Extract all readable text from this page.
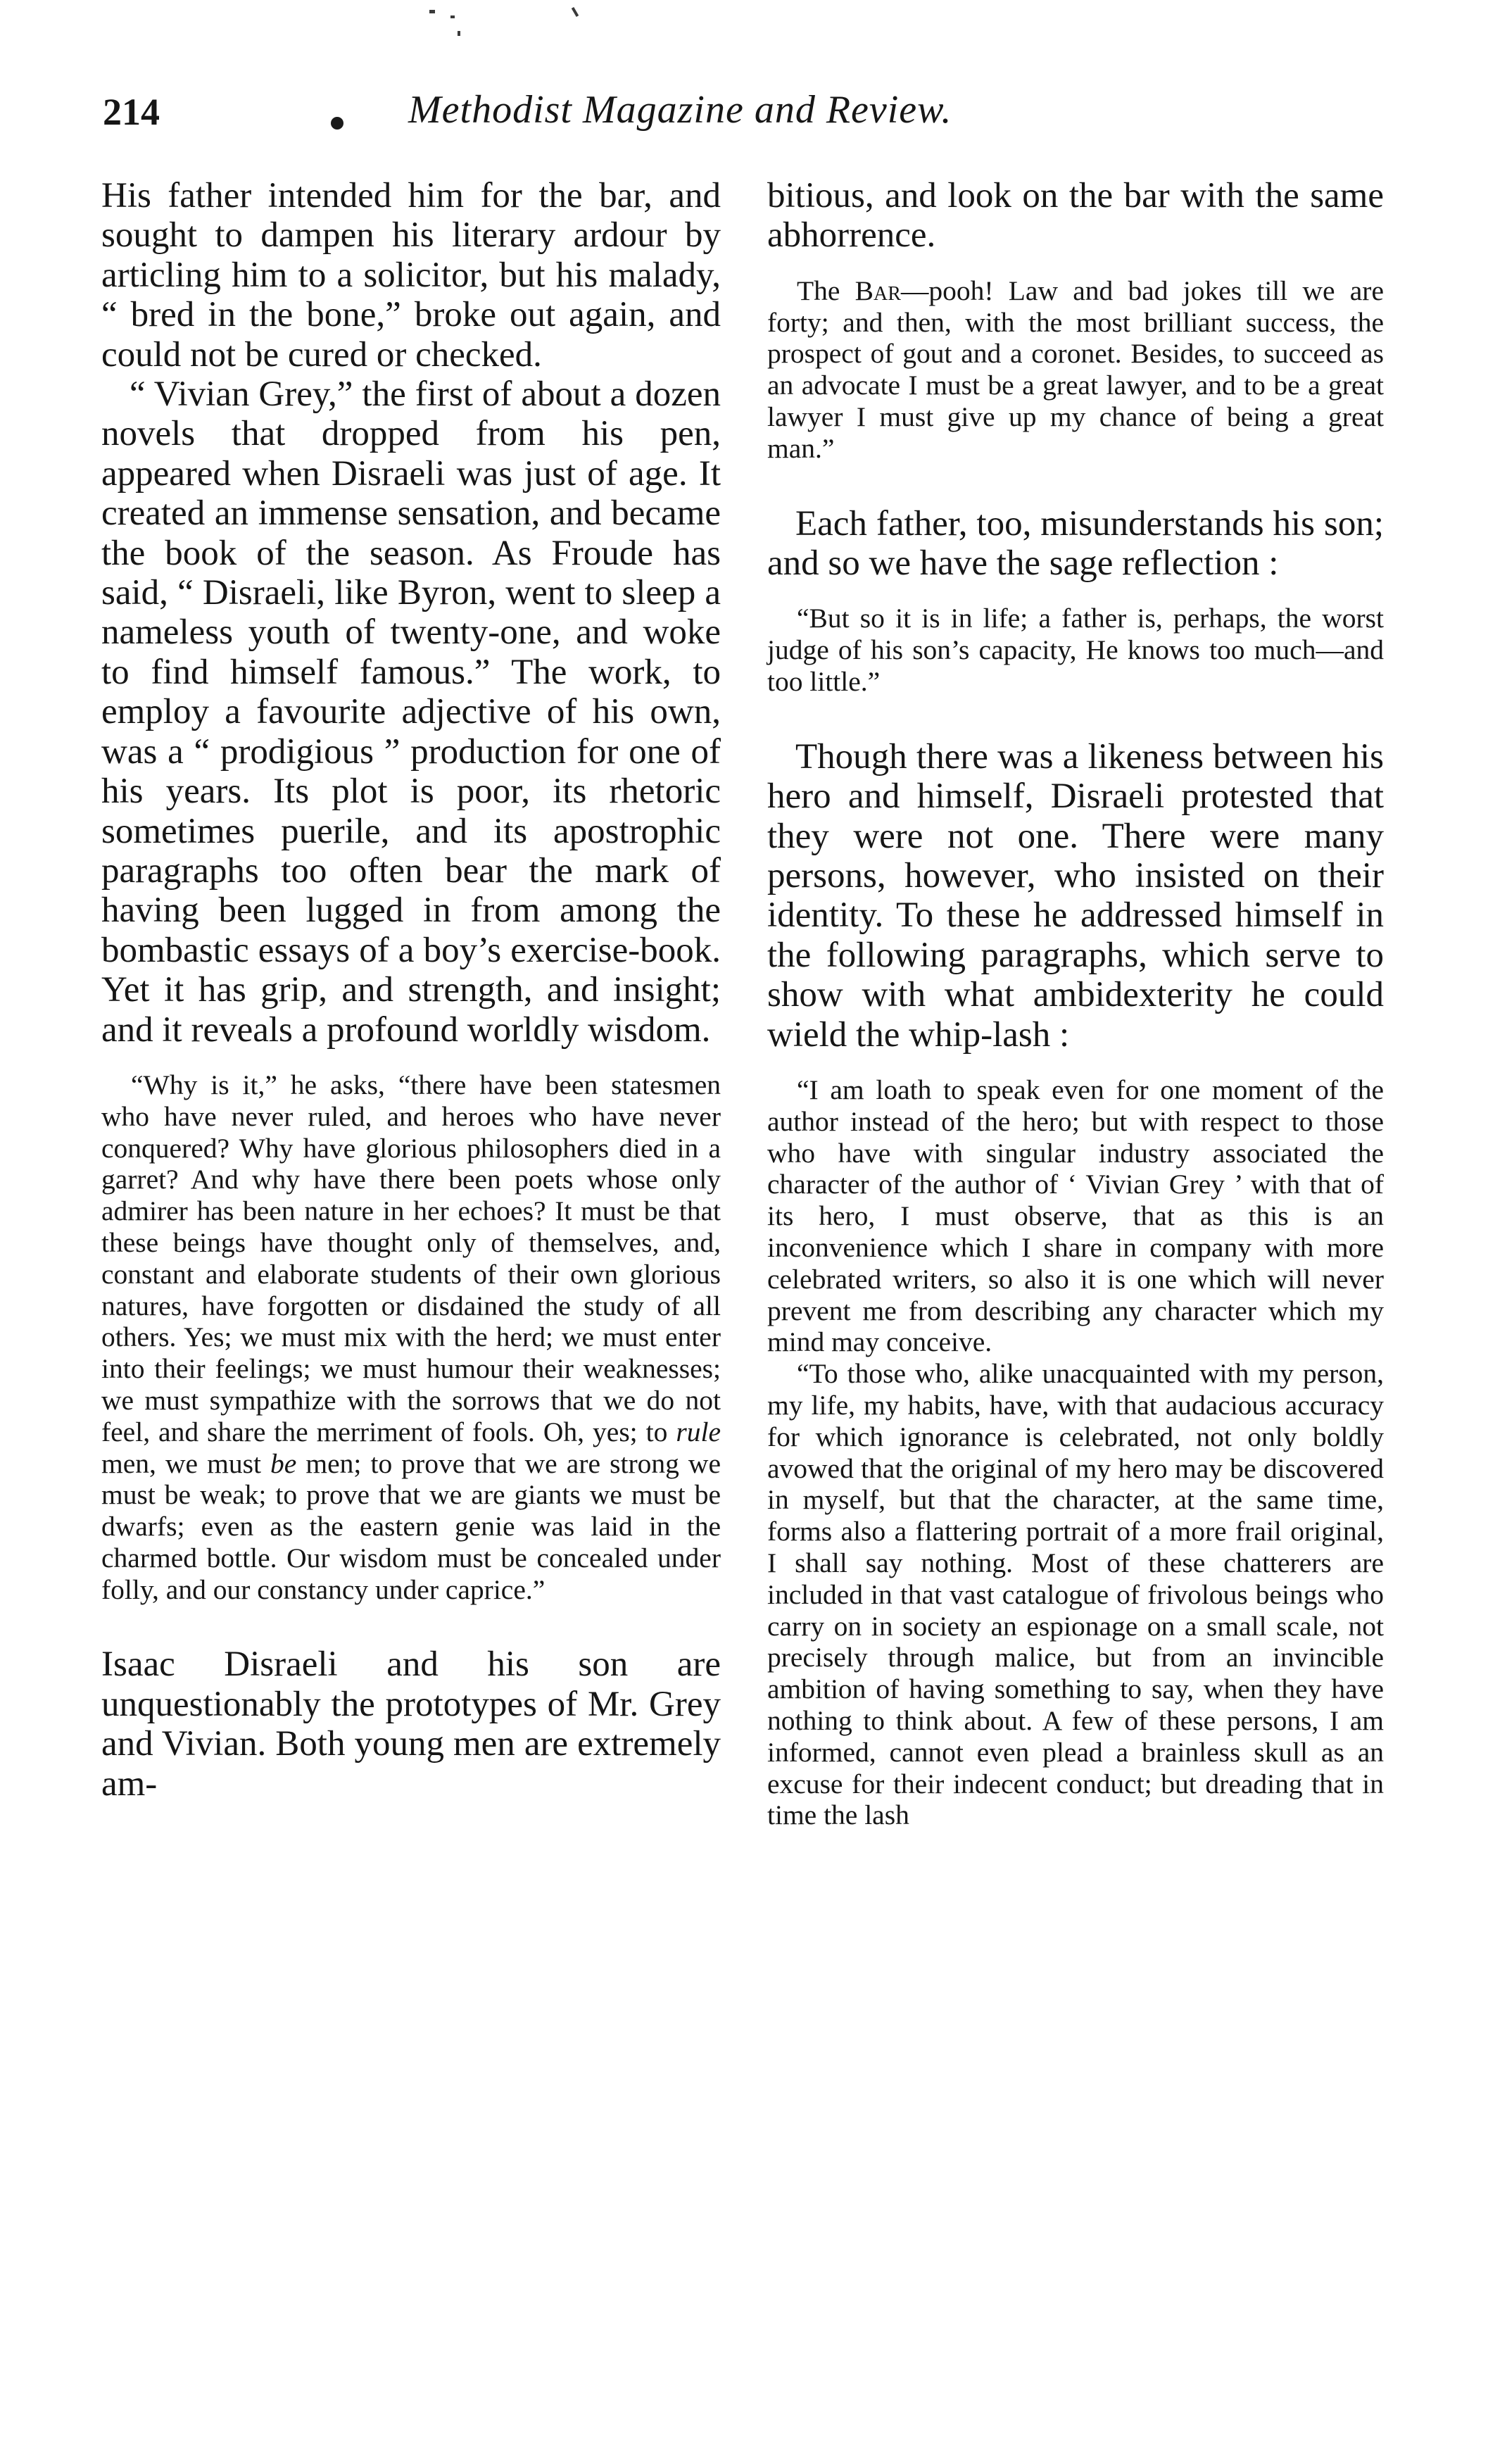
214	Methodist Magazine and Review.

His father intended him for the bar, and sought to dampen his literary ardour by articling him to a solicitor, but his malady, “ bred in the bone,” broke out again, and could not be cured or checked.

“ Vivian Grey,” the first of about a dozen novels that dropped from his pen, appeared when Disraeli was just of age. It created an immense sensation, and became the book of the season. As Froude has said, “ Disraeli, like Byron, went to sleep a nameless youth of twenty-one, and woke to find himself famous.” The work, to employ a favourite adjective of his own, was a “ prodigious ” production for one of his years. Its plot is poor, its rhetoric sometimes puerile, and its apostrophic paragraphs too often bear the mark of having been lugged in from among the bombastic essays of a boy’s exercise-book. Yet it has grip, and strength, and insight; and it reveals a profound worldly wisdom.

“Why is it,” he asks, “there have been statesmen who have never ruled, and heroes who have never conquered? Why have glorious philosophers died in a garret? And why have there been poets whose only admirer has been nature in her echoes? It must be that these beings have thought only of themselves, and, constant and elaborate students of their own glorious natures, have forgotten or disdained the study of all others. Yes; we must mix with the herd; we must enter into their feelings; we must humour their weaknesses; we must sympathize with the sorrows that we do not feel, and share the merriment of fools. Oh, yes; to rule men, we must be men; to prove that we are strong we must be weak; to prove that we are giants we must be dwarfs; even as the eastern genie was laid in the charmed bottle. Our wisdom must be concealed under folly, and our constancy under caprice.”

Isaac Disraeli and his son are unquestionably the prototypes of Mr. Grey and Vivian. Both young men are extremely am-

bitious, and look on the bar with the same abhorrence.

The Bar—pooh! Law and bad jokes till we are forty; and then, with the most brilliant success, the prospect of gout and a coronet. Besides, to succeed as an advocate I must be a great lawyer, and to be a great lawyer I must give up my chance of being a great man.”

Each father, too, misunderstands his son; and so we have the sage reflection :

“But so it is in life; a father is, perhaps, the worst judge of his son’s capacity, He knows too much—and too little.”

Though there was a likeness between his hero and himself, Disraeli protested that they were not one. There were many persons, however, who insisted on their identity. To these he addressed himself in the following paragraphs, which serve to show with what ambidexterity he could wield the whip-lash :

“I am loath to speak even for one moment of the author instead of the hero; but with respect to those who have with singular industry associated the character of the author of ‘ Vivian Grey ’ with that of its hero, I must observe, that as this is an inconvenience which I share in company with more celebrated writers, so also it is one which will never prevent me from describing any character which my mind may conceive.

“To those who, alike unacquainted with my person, my life, my habits, have, with that audacious accuracy for which ignorance is celebrated, not only boldly avowed that the original of my hero may be discovered in myself, but that the character, at the same time, forms also a flattering portrait of a more frail original, I shall say nothing. Most of these chatterers are included in that vast catalogue of frivolous beings who carry on in society an espionage on a small scale, not precisely through malice, but from an invincible ambition of having something to say, when they have nothing to think about. A few of these persons, I am informed, cannot even plead a brainless skull as an excuse for their indecent conduct; but dreading that in time the lash
